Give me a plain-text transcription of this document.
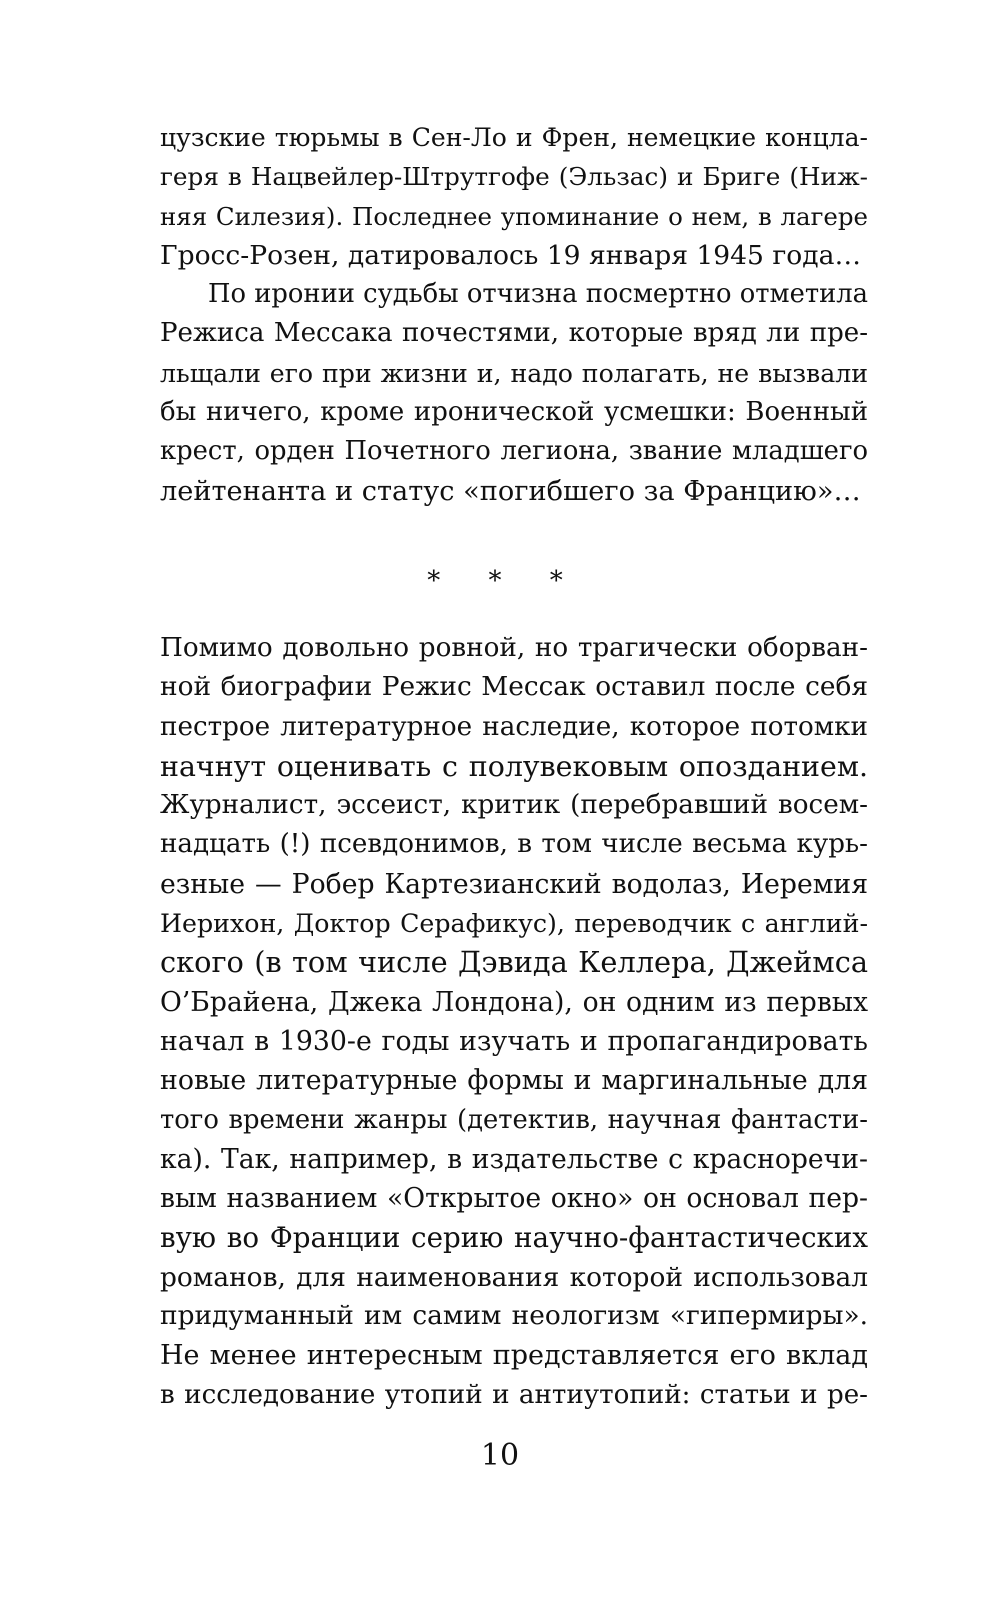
цузские тюрьмы в Сен-Ло и Френ, немецкие концла-
геря в Нацвейлер-Штрутгофе (Эльзас) и Бриге (Ниж-
няя Силезия). Последнее упоминание о нем, в лагере
Гросс-Розен, датировалось 19 января 1945 года…
По иронии судьбы отчизна посмертно отметила
Режиса Мессака почестями, которые вряд ли пре-
льщали его при жизни и, надо полагать, не вызвали
бы ничего, кроме иронической усмешки: Военный
крест, орден Почетного легиона, звание младшего
лейтенанта и статус «погибшего за Францию»…
* * *
Помимо довольно ровной, но трагически оборван-
ной биографии Режис Мессак оставил после себя
пестрое литературное наследие, которое потомки
начнут оценивать с полувековым опозданием.
Журналист, эссеист, критик (перебравший восем-
надцать (!) псевдонимов, в том числе весьма курь-
езные — Робер Картезианский водолаз, Иеремия
Иерихон, Доктор Серафикус), переводчик с англий-
ского (в том числе Дэвида Келлера, Джеймса
О’Брайена, Джека Лондона), он одним из первых
начал в 1930-е годы изучать и пропагандировать
новые литературные формы и маргинальные для
того времени жанры (детектив, научная фантасти-
ка). Так, например, в издательстве с красноречи-
вым названием «Открытое окно» он основал пер-
вую во Франции серию научно-фантастических
романов, для наименования которой использовал
придуманный им самим неологизм «гипермиры».
Не менее интересным представляется его вклад
в исследование утопий и антиутопий: статьи и ре-
10
